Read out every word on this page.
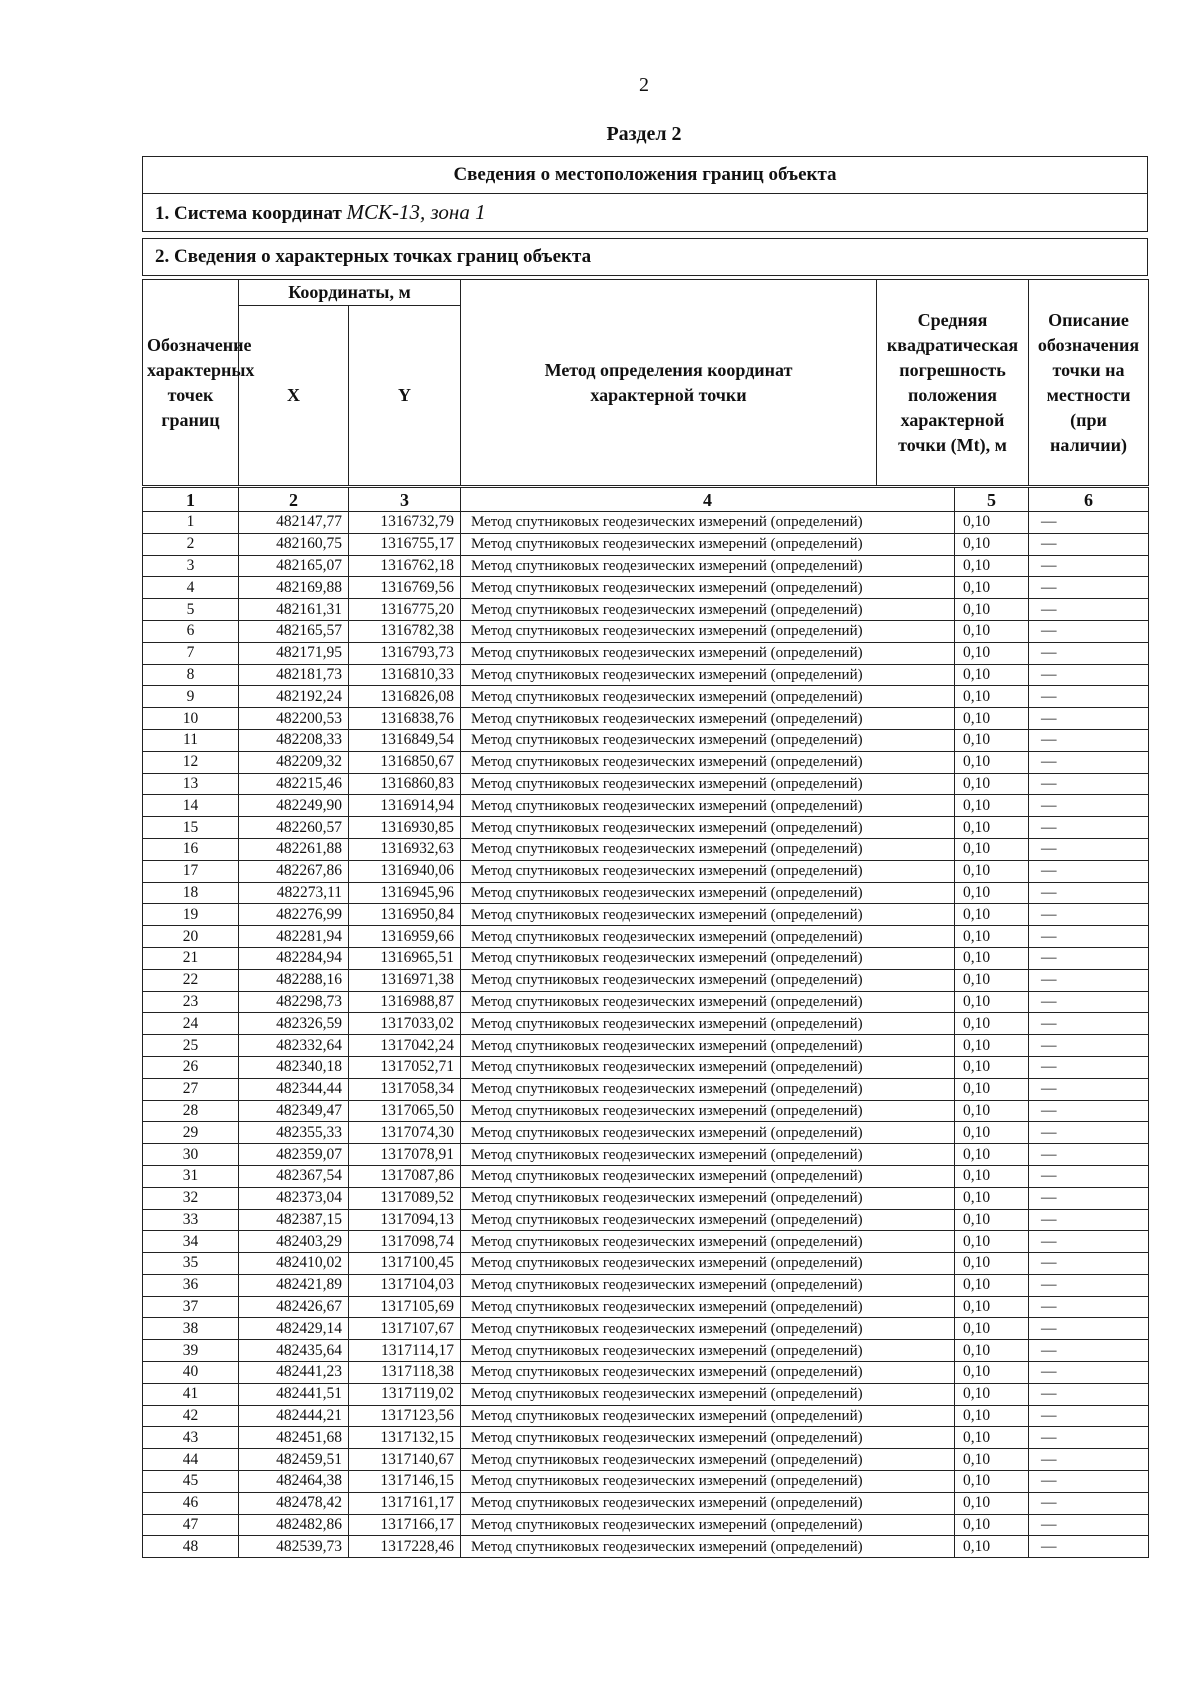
2
Раздел 2
Сведения о местоположения границ объекта
1. Система координат МСК-13, зона 1
2. Сведения о характерных точках границ объекта
Обозначение характерных точек границ	Координаты, м		Метод определения координат характерной точки	Средняя квадратическая погрешность положения характерной точки (Mt), м	Описание обозначения точки на местности (при наличии)
	X	Y			
1	2	3	4	5	6
1	482147,77	1316732,79	Метод спутниковых геодезических измерений (определений)	0,10	—
2	482160,75	1316755,17	Метод спутниковых геодезических измерений (определений)	0,10	—
3	482165,07	1316762,18	Метод спутниковых геодезических измерений (определений)	0,10	—
4	482169,88	1316769,56	Метод спутниковых геодезических измерений (определений)	0,10	—
5	482161,31	1316775,20	Метод спутниковых геодезических измерений (определений)	0,10	—
6	482165,57	1316782,38	Метод спутниковых геодезических измерений (определений)	0,10	—
7	482171,95	1316793,73	Метод спутниковых геодезических измерений (определений)	0,10	—
8	482181,73	1316810,33	Метод спутниковых геодезических измерений (определений)	0,10	—
9	482192,24	1316826,08	Метод спутниковых геодезических измерений (определений)	0,10	—
10	482200,53	1316838,76	Метод спутниковых геодезических измерений (определений)	0,10	—
11	482208,33	1316849,54	Метод спутниковых геодезических измерений (определений)	0,10	—
12	482209,32	1316850,67	Метод спутниковых геодезических измерений (определений)	0,10	—
13	482215,46	1316860,83	Метод спутниковых геодезических измерений (определений)	0,10	—
14	482249,90	1316914,94	Метод спутниковых геодезических измерений (определений)	0,10	—
15	482260,57	1316930,85	Метод спутниковых геодезических измерений (определений)	0,10	—
16	482261,88	1316932,63	Метод спутниковых геодезических измерений (определений)	0,10	—
17	482267,86	1316940,06	Метод спутниковых геодезических измерений (определений)	0,10	—
18	482273,11	1316945,96	Метод спутниковых геодезических измерений (определений)	0,10	—
19	482276,99	1316950,84	Метод спутниковых геодезических измерений (определений)	0,10	—
20	482281,94	1316959,66	Метод спутниковых геодезических измерений (определений)	0,10	—
21	482284,94	1316965,51	Метод спутниковых геодезических измерений (определений)	0,10	—
22	482288,16	1316971,38	Метод спутниковых геодезических измерений (определений)	0,10	—
23	482298,73	1316988,87	Метод спутниковых геодезических измерений (определений)	0,10	—
24	482326,59	1317033,02	Метод спутниковых геодезических измерений (определений)	0,10	—
25	482332,64	1317042,24	Метод спутниковых геодезических измерений (определений)	0,10	—
26	482340,18	1317052,71	Метод спутниковых геодезических измерений (определений)	0,10	—
27	482344,44	1317058,34	Метод спутниковых геодезических измерений (определений)	0,10	—
28	482349,47	1317065,50	Метод спутниковых геодезических измерений (определений)	0,10	—
29	482355,33	1317074,30	Метод спутниковых геодезических измерений (определений)	0,10	—
30	482359,07	1317078,91	Метод спутниковых геодезических измерений (определений)	0,10	—
31	482367,54	1317087,86	Метод спутниковых геодезических измерений (определений)	0,10	—
32	482373,04	1317089,52	Метод спутниковых геодезических измерений (определений)	0,10	—
33	482387,15	1317094,13	Метод спутниковых геодезических измерений (определений)	0,10	—
34	482403,29	1317098,74	Метод спутниковых геодезических измерений (определений)	0,10	—
35	482410,02	1317100,45	Метод спутниковых геодезических измерений (определений)	0,10	—
36	482421,89	1317104,03	Метод спутниковых геодезических измерений (определений)	0,10	—
37	482426,67	1317105,69	Метод спутниковых геодезических измерений (определений)	0,10	—
38	482429,14	1317107,67	Метод спутниковых геодезических измерений (определений)	0,10	—
39	482435,64	1317114,17	Метод спутниковых геодезических измерений (определений)	0,10	—
40	482441,23	1317118,38	Метод спутниковых геодезических измерений (определений)	0,10	—
41	482441,51	1317119,02	Метод спутниковых геодезических измерений (определений)	0,10	—
42	482444,21	1317123,56	Метод спутниковых геодезических измерений (определений)	0,10	—
43	482451,68	1317132,15	Метод спутниковых геодезических измерений (определений)	0,10	—
44	482459,51	1317140,67	Метод спутниковых геодезических измерений (определений)	0,10	—
45	482464,38	1317146,15	Метод спутниковых геодезических измерений (определений)	0,10	—
46	482478,42	1317161,17	Метод спутниковых геодезических измерений (определений)	0,10	—
47	482482,86	1317166,17	Метод спутниковых геодезических измерений (определений)	0,10	—
48	482539,73	1317228,46	Метод спутниковых геодезических измерений (определений)	0,10	—
